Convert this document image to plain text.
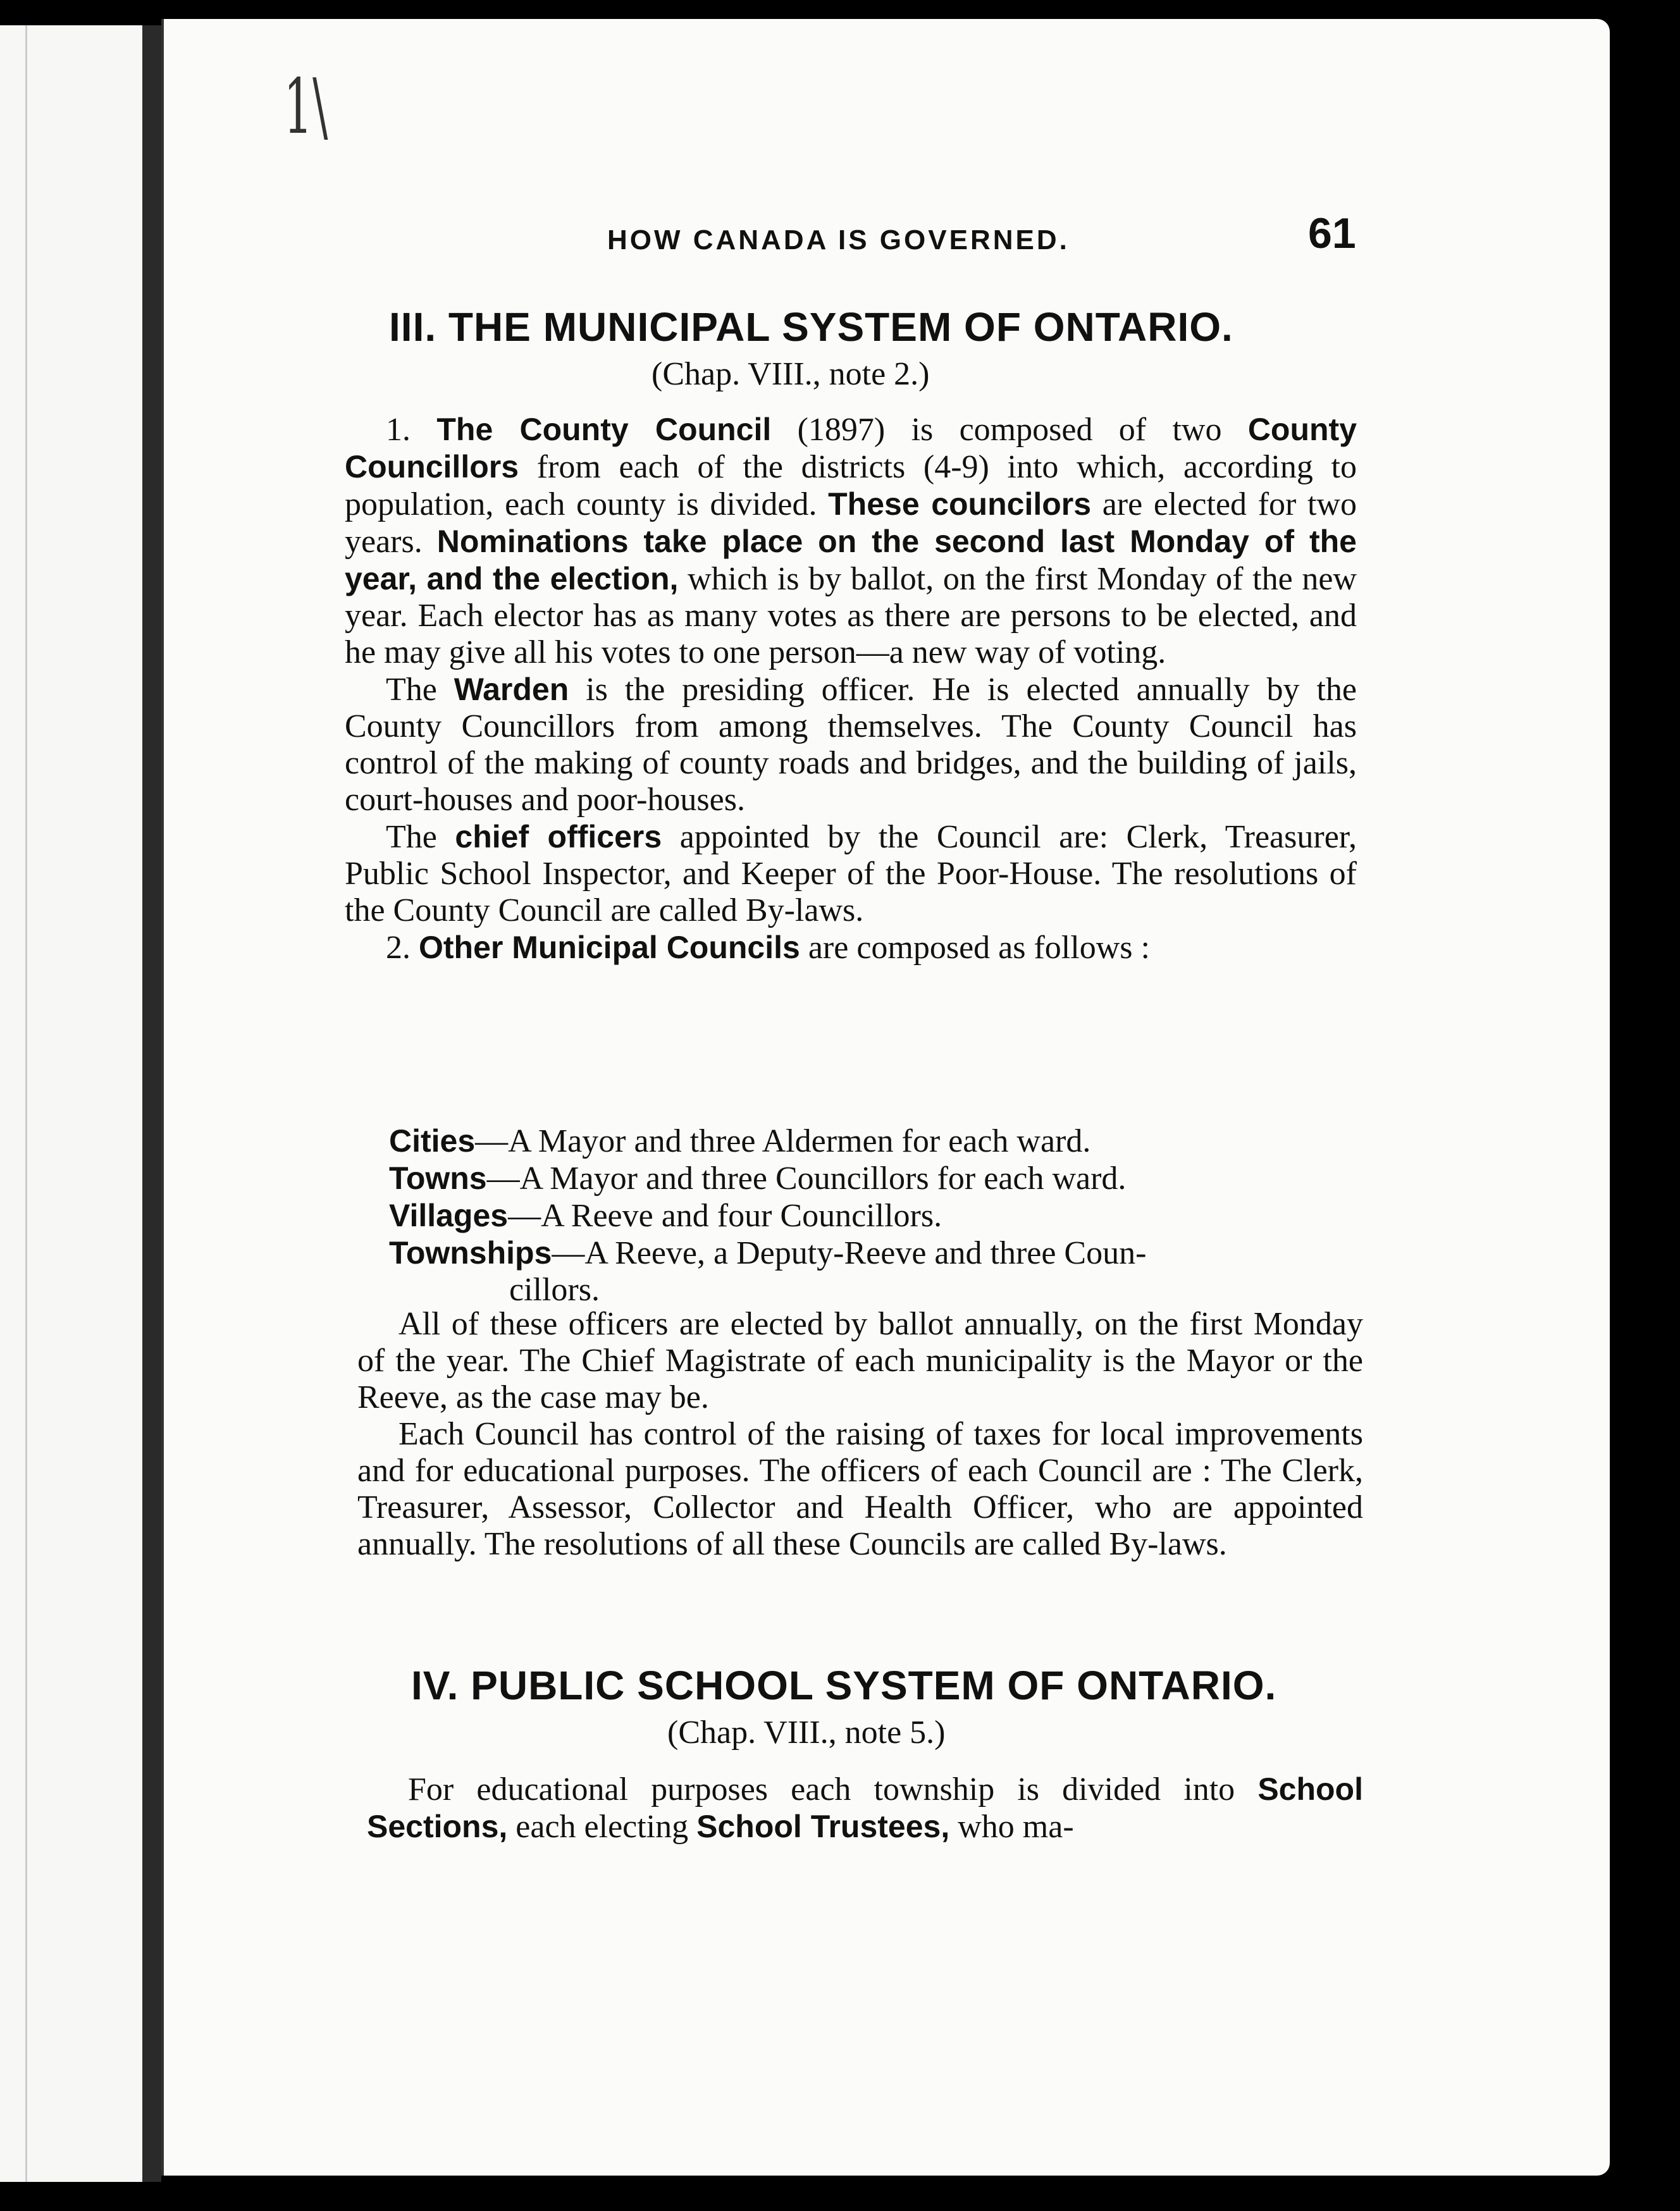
1\
HOW CANADA IS GOVERNED.	61
III. THE MUNICIPAL SYSTEM OF ONTARIO.
(Chap. VIII., note 2.)

1. The County Council (1897) is composed of two County Councillors from each of the districts (4-9) into which, according to population, each county is divided. These councilors are elected for two years. Nominations take place on the second last Monday of the year, and the election, which is by ballot, on the first Monday of the new year. Each elector has as many votes as there are persons to be elected, and he may give all his votes to one person—a new way of voting.

The Warden is the presiding officer. He is elected annually by the County Councillors from among themselves. The County Council has control of the making of county roads and bridges, and the building of jails, court-houses and poor-houses.

The chief officers appointed by the Council are: Clerk, Treasurer, Public School Inspector, and Keeper of the Poor-House. The resolutions of the County Council are called By-laws.

2. Other Municipal Councils are composed as follows :

Cities—A Mayor and three Aldermen for each ward.
Towns—A Mayor and three Councillors for each ward.
Villages—A Reeve and four Councillors.
Townships—A Reeve, a Deputy-Reeve and three Coun-
cillors.

All of these officers are elected by ballot annually, on the first Monday of the year. The Chief Magistrate of each municipality is the Mayor or the Reeve, as the case may be.

Each Council has control of the raising of taxes for local improvements and for educational purposes. The officers of each Council are : The Clerk, Treasurer, Assessor, Collector and Health Officer, who are appointed annually. The resolutions of all these Councils are called By-laws.

IV. PUBLIC SCHOOL SYSTEM OF ONTARIO.
(Chap. VIII., note 5.)

For educational purposes each township is divided into School Sections, each electing School Trustees, who ma-
